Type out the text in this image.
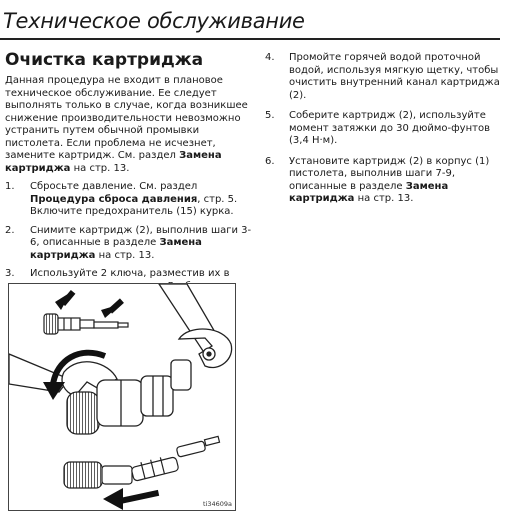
Техническое обслуживание
Очистка картриджа

Данная процедура не входит в плановое техническое обслуживание. Ее следует выполнять только в случае, когда возникшее снижение производительности невозможно устранить путем обычной промывки пистолета. Если проблема не исчезнет, замените картридж. См. раздел Замена картриджа на стр. 13.

1. Сбросьте давление. См. раздел
Процедура сброса давления, стр. 5. Включите предохранитель (15) курка.
2. Снимите картридж (2), выполнив шаги 3-6, описанные в разделе Замена картриджа на стр. 13.
3. Используйте 2 ключа, разместив их в
4. Промойте горячей водой проточной водой, используя мягкую щетку, чтобы очистить внутренний канал картриджа (2).
5. Соберите картридж (2), используйте момент затяжки до 30 дюймо-фунтов (3,4 Н·м).
6. Установите картридж (2) в корпус (1) пистолета, выполнив шаги 7-9, описанные в разделе Замена картриджа на стр. 13.
ti34609a
